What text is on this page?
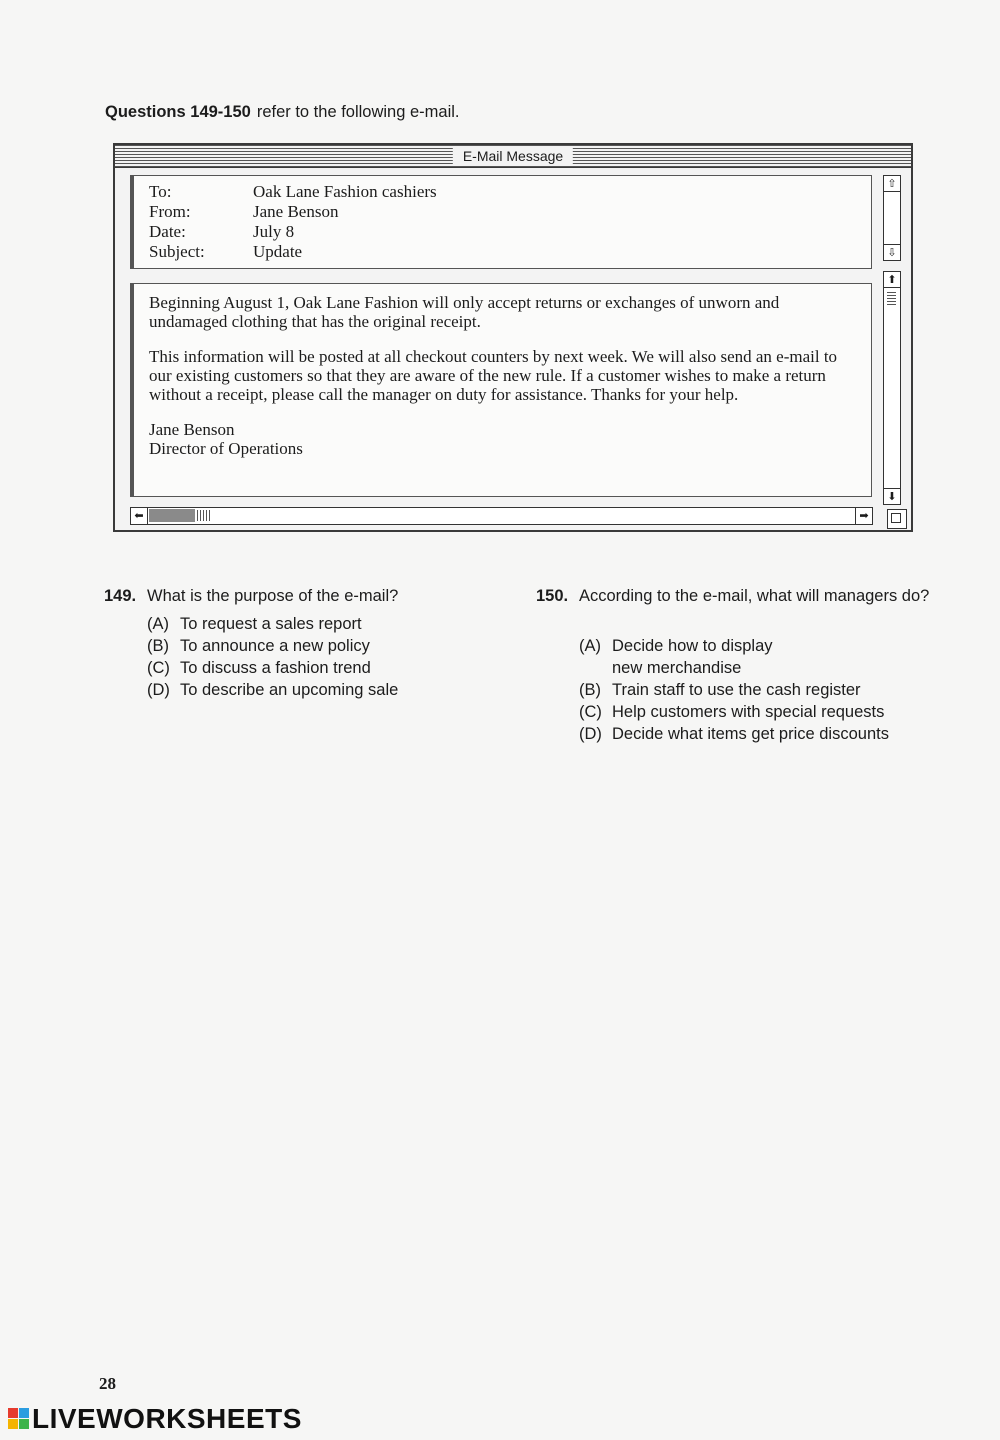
Questions 149-150 refer to the following e-mail.
E-Mail Message
To:	Oak Lane Fashion cashiers
From:	Jane Benson
Date:	July 8
Subject:	Update
⇧
⇩

Beginning August 1, Oak Lane Fashion will only accept returns or exchanges of unworn and undamaged clothing that has the original receipt.

This information will be posted at all checkout counters by next week. We will also send an e-mail to our existing customers so that they are aware of the new rule. If a customer wishes to make a return without a receipt, please call the manager on duty for assistance. Thanks for your help.

Jane Benson
Director of Operations
⬆
⬇
⬅	➡
149. What is the purpose of the e-mail?
(A) To request a sales report
(B) To announce a new policy
(C) To discuss a fashion trend
(D) To describe an upcoming sale
150. According to the e-mail, what will managers do?
(A) Decide how to display new merchandise
(B) Train staff to use the cash register
(C) Help customers with special requests
(D) Decide what items get price discounts
28
LIVEWORKSHEETS
